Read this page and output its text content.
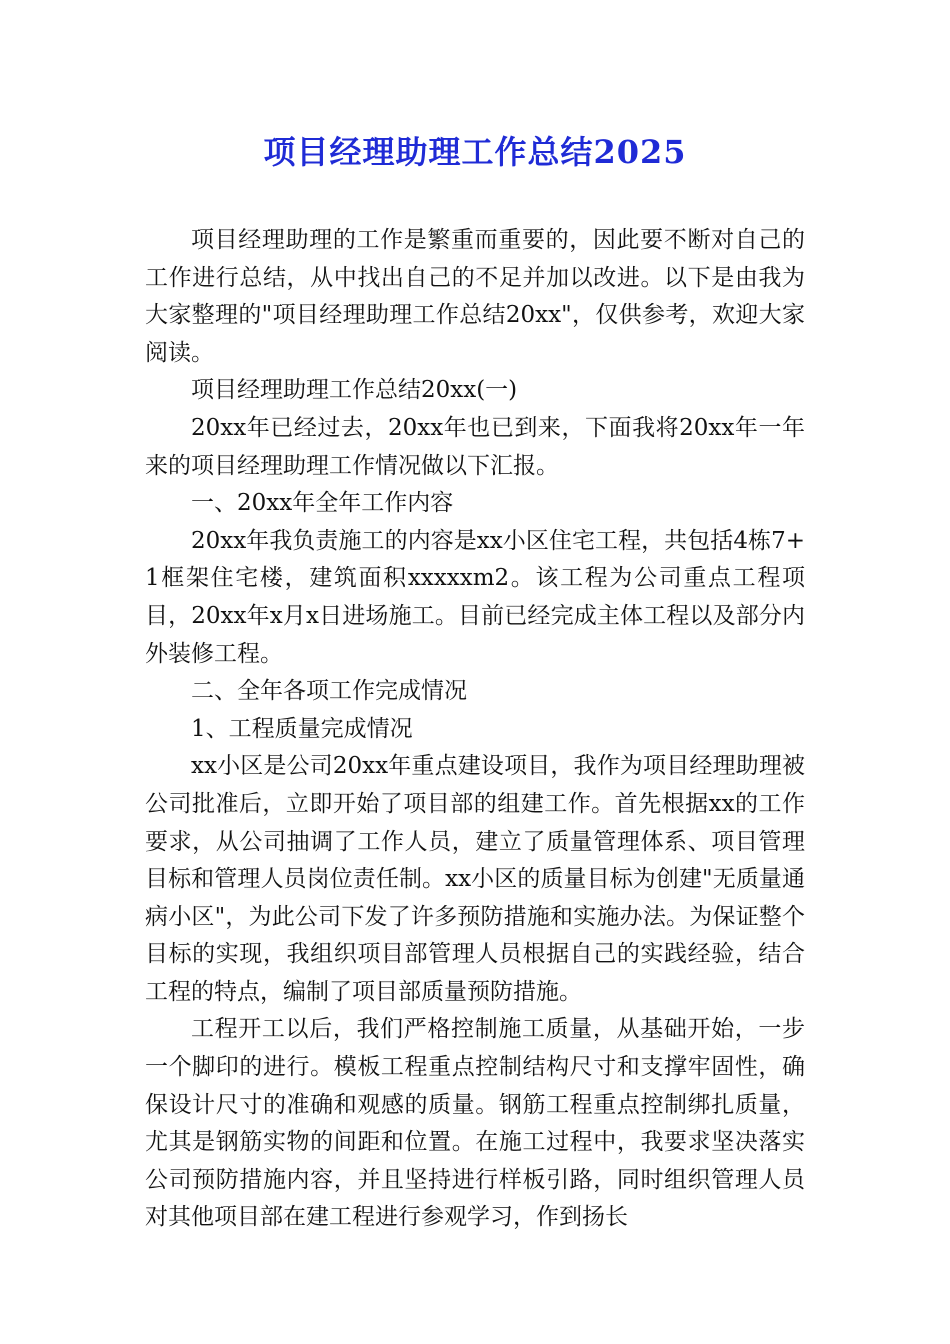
项目经理助理工作总结2025

项目经理助理的工作是繁重而重要的，因此要不断对自己的工作进行总结，从中找出自己的不足并加以改进。以下是由我为大家整理的"项目经理助理工作总结20xx"，仅供参考，欢迎大家阅读。

项目经理助理工作总结20xx(一)

20xx年已经过去，20xx年也已到来，下面我将20xx年一年来的项目经理助理工作情况做以下汇报。

一、20xx年全年工作内容

20xx年我负责施工的内容是xx小区住宅工程，共包括4栋7+1框架住宅楼，建筑面积xxxxxm2。该工程为公司重点工程项目，20xx年x月x日进场施工。目前已经完成主体工程以及部分内外装修工程。

二、全年各项工作完成情况

1、工程质量完成情况

xx小区是公司20xx年重点建设项目，我作为项目经理助理被公司批准后，立即开始了项目部的组建工作。首先根据xx的工作要求，从公司抽调了工作人员，建立了质量管理体系、项目管理目标和管理人员岗位责任制。xx小区的质量目标为创建"无质量通病小区"，为此公司下发了许多预防措施和实施办法。为保证整个目标的实现，我组织项目部管理人员根据自己的实践经验，结合工程的特点，编制了项目部质量预防措施。

工程开工以后，我们严格控制施工质量，从基础开始，一步一个脚印的进行。模板工程重点控制结构尺寸和支撑牢固性，确保设计尺寸的准确和观感的质量。钢筋工程重点控制绑扎质量，尤其是钢筋实物的间距和位置。在施工过程中，我要求坚决落实公司预防措施内容，并且坚持进行样板引路，同时组织管理人员对其他项目部在建工程进行参观学习，作到扬长
